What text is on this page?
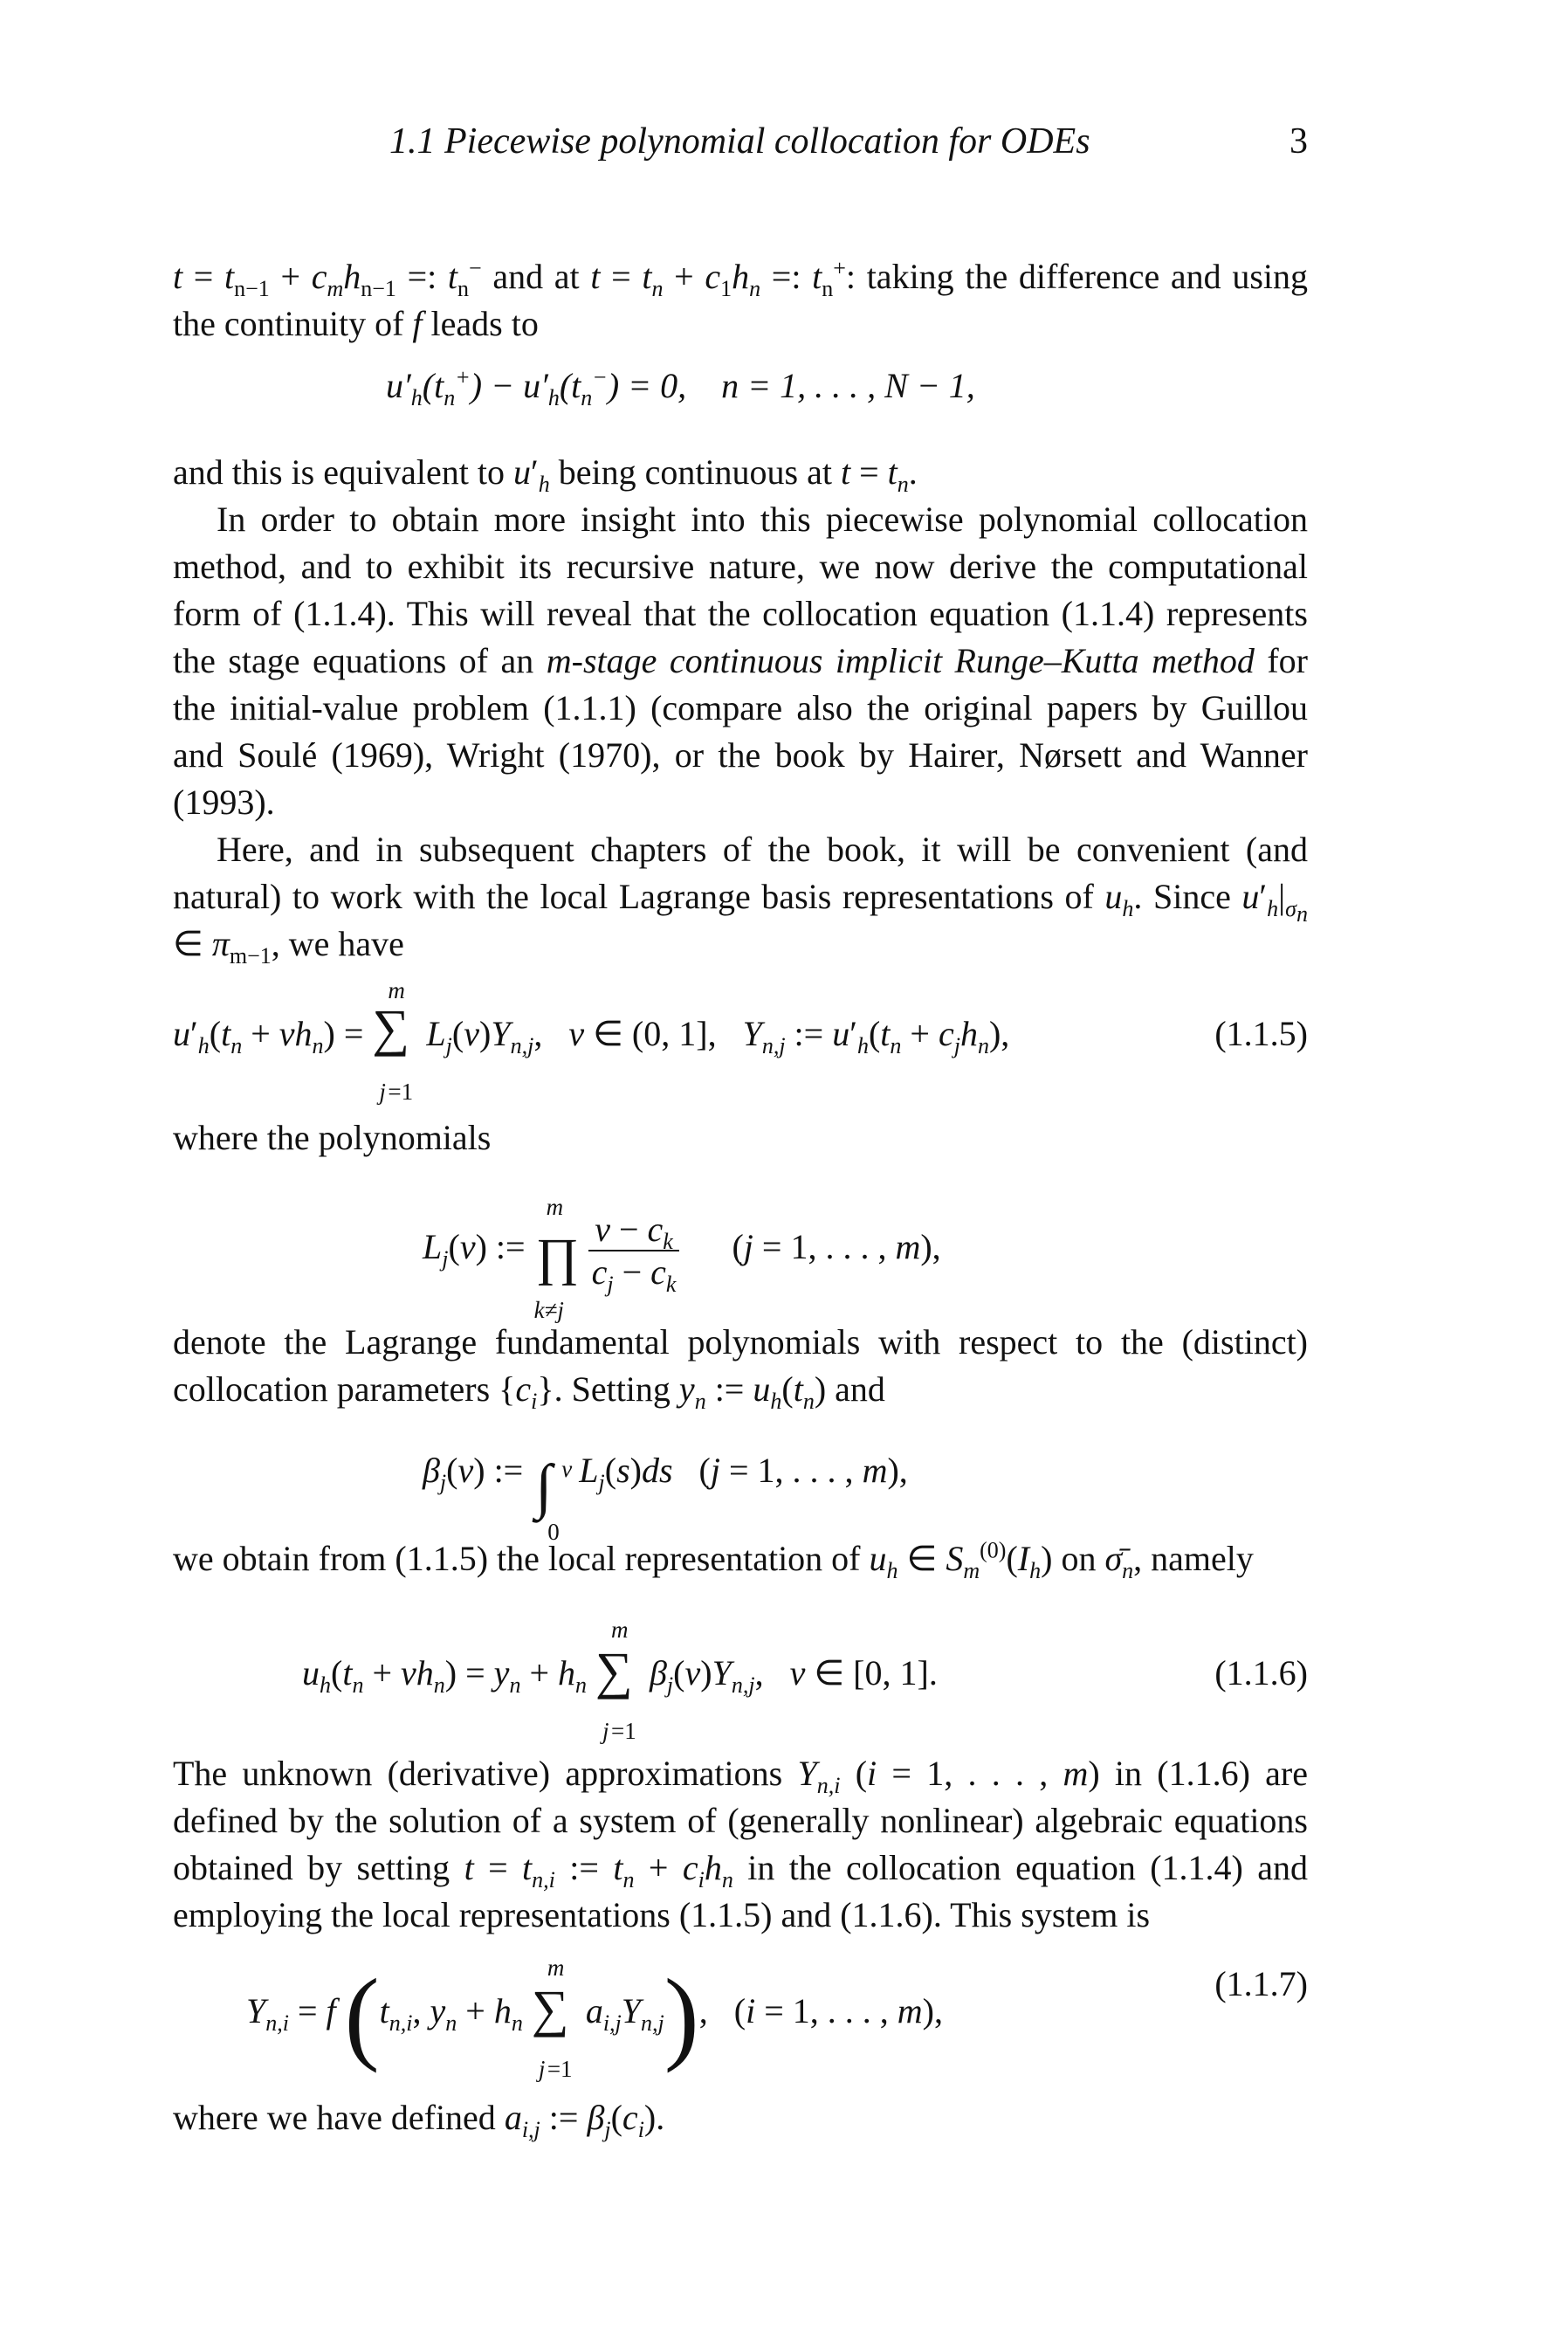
1.1 Piecewise polynomial collocation for ODEs	3

$t = t_{n-1} + c_mh_{n-1}$ =: $t_n^-$ and at $t = t_n + c_1h_n$ =: $t_n^+$: taking the difference and using the continuity of f leads to

$u'_h(t_n^+) - u'_h(t_n^-) = 0$,    n = 1, . . . , N − 1,

and this is equivalent to $u'_h$ being continuous at $t = t_n$.

In order to obtain more insight into this piecewise polynomial collocation method, and to exhibit its recursive nature, we now derive the computational form of (1.1.4). This will reveal that the collocation equation (1.1.4) represents the stage equations of an m-stage continuous implicit Runge–Kutta method for the initial-value problem (1.1.1) (compare also the original papers by Guillou and Soulé (1969), Wright (1970), or the book by Hairer, Nørsett and Wanner (1993).

Here, and in subsequent chapters of the book, it will be convenient (and natural) to work with the local Lagrange basis representations of $u_h$. Since $u'_h|_{\sigma_n}$ ∈ $\pi_{m-1}$, we have

$u'_h(t_n + vh_n)$ = ∑
m
j =1
$L_j(v)Y_{n,j}$,   v ∈ (0, 1],   $Y_{n,j}$ := $u'_h(t_n + c_jh_n)$,	(1.1.5)

where the polynomials

$L_j(v)$ := ∏
m
k≠j
$\frac{v - c_k}{c_j - c_k} (j = 1$, . . . , m),

denote the Lagrange fundamental polynomials with respect to the (distinct) collocation parameters $\{c_i\}$. Setting $y_n$ := $u_h(t_n)$ and

$\beta_j(v)$ := ∫ v
0
$L_j(s)ds$   (j = 1, . . . , m),

we obtain from (1.1.5) the local representation of $u_h$ ∈ $S_m^{(0)}(I_h)$ on $\sigmā_n$, namely

$u_h(t_n + vh_n) = y_n + h_n$ ∑
m
j =1
$\beta_j(v)Y_{n,j}$,   v ∈ [0, 1].	(1.1.6)

The unknown (derivative) approximations $Y_{n,i}$ (i = 1, . . . , m) in (1.1.6) are defined by the solution of a system of (generally nonlinear) algebraic equations obtained by setting $t = t_{n,i}$ := $t_n + c_ih_n$ in the collocation equation (1.1.4) and employing the local representations (1.1.5) and (1.1.6). This system is

$Y_{n,i} = f$ ($t_{n,i}$, $y_n + h_n$ ∑
m
j =1
$a_{i,j}Y_{n,j}$),   (i = 1, . . . , m),
(1.1.7)

where we have defined $a_{i,j}$ := $\beta_j(c_i)$.
